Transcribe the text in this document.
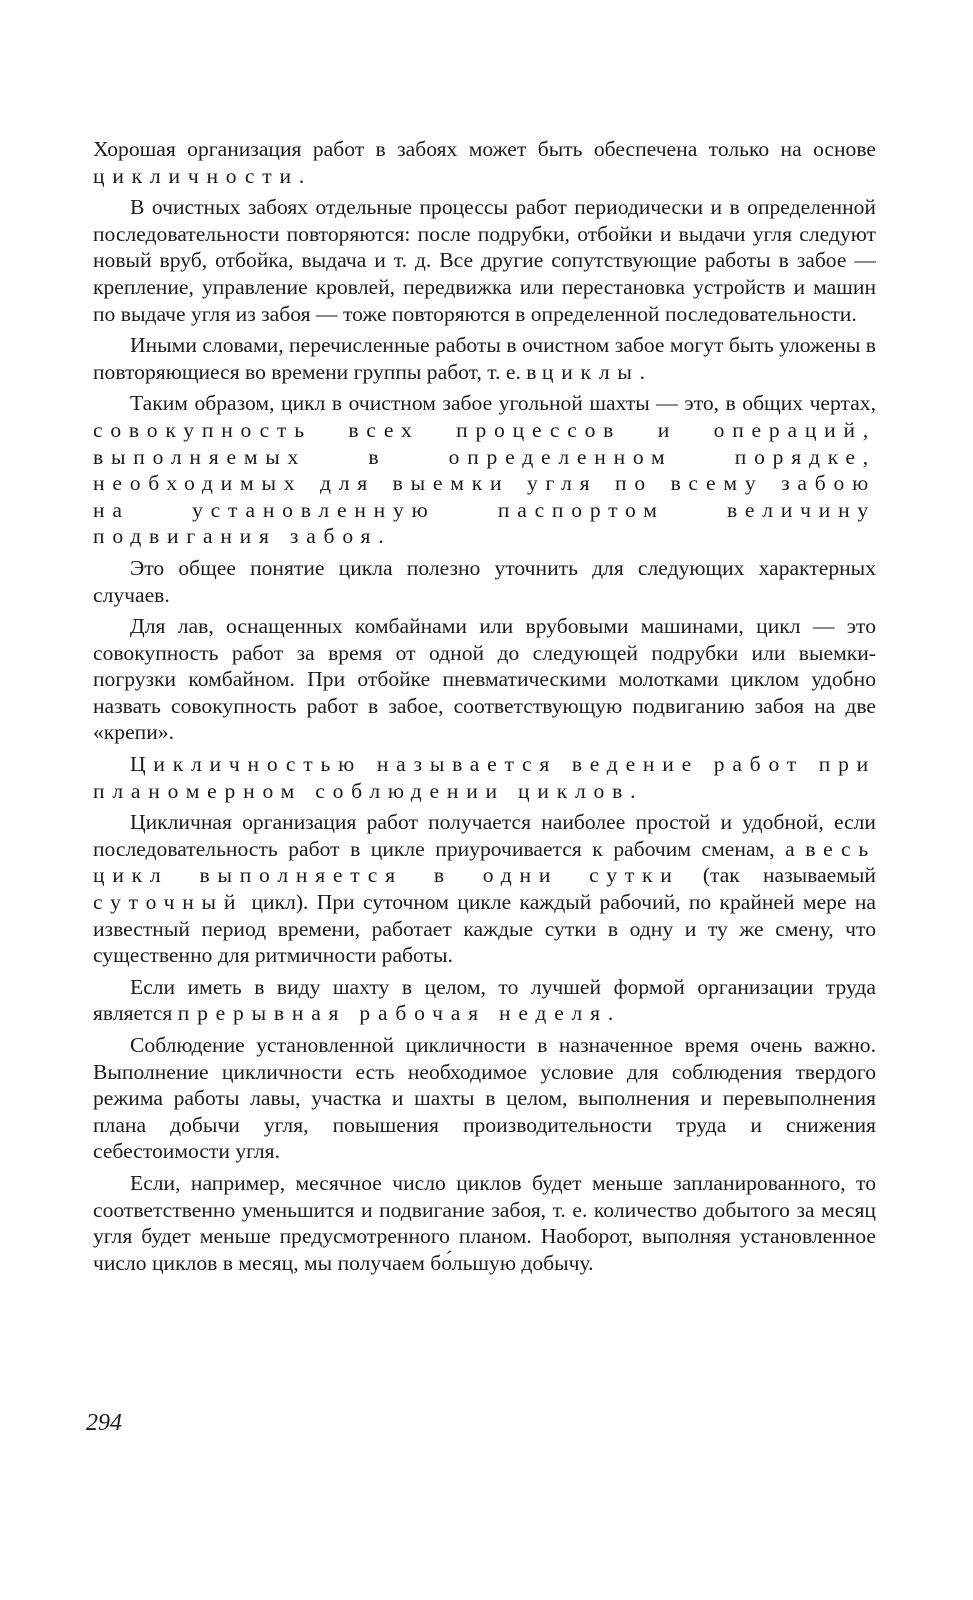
Хорошая организация работ в забоях может быть обеспечена только на основе цикличности.

В очистных забоях отдельные процессы работ периодически и в определенной последовательности повторяются: после подрубки, отбойки и выдачи угля следуют новый вруб, отбойка, выдача и т. д. Все другие сопутствующие работы в забое — крепление, управление кровлей, передвижка или перестановка устройств и машин по выдаче угля из забоя — тоже повторяются в определенной последовательности.

Иными словами, перечисленные работы в очистном забое могут быть уложены в повторяющиеся во времени группы работ, т. е. в циклы.

Таким образом, цикл в очистном забое угольной шахты — это, в общих чертах, совокупность всех процессов и операций, выполняемых в определенном порядке, необходимых для выемки угля по всему забою на установленную паспортом величину подвигания забоя.

Это общее понятие цикла полезно уточнить для следующих характерных случаев.

Для лав, оснащенных комбайнами или врубовыми машинами, цикл — это совокупность работ за время от одной до следующей подрубки или выемки-погрузки комбайном. При отбойке пневматическими молотками циклом удобно назвать совокупность работ в забое, соответствующую подвиганию забоя на две «крепи».

Цикличностью называется ведение работ при планомерном соблюдении циклов.

Цикличная организация работ получается наиболее простой и удобной, если последовательность работ в цикле приурочивается к рабочим сменам, а весь цикл выполняется в одни сутки (так называемый суточный цикл). При суточном цикле каждый рабочий, по крайней мере на известный период времени, работает каждые сутки в одну и ту же смену, что существенно для ритмичности работы.

Если иметь в виду шахту в целом, то лучшей формой организации труда является прерывная рабочая неделя.

Соблюдение установленной цикличности в назначенное время очень важно. Выполнение цикличности есть необходимое условие для соблюдения твердого режима работы лавы, участка и шахты в целом, выполнения и перевыполнения плана добычи угля, повышения производительности труда и снижения себестоимости угля.

Если, например, месячное число циклов будет меньше запланированного, то соответственно уменьшится и подвигание забоя, т. е. количество добытого за месяц угля будет меньше предусмотренного планом. Наоборот, выполняя установленное число циклов в месяц, мы получаем бо́льшую добычу.

294
